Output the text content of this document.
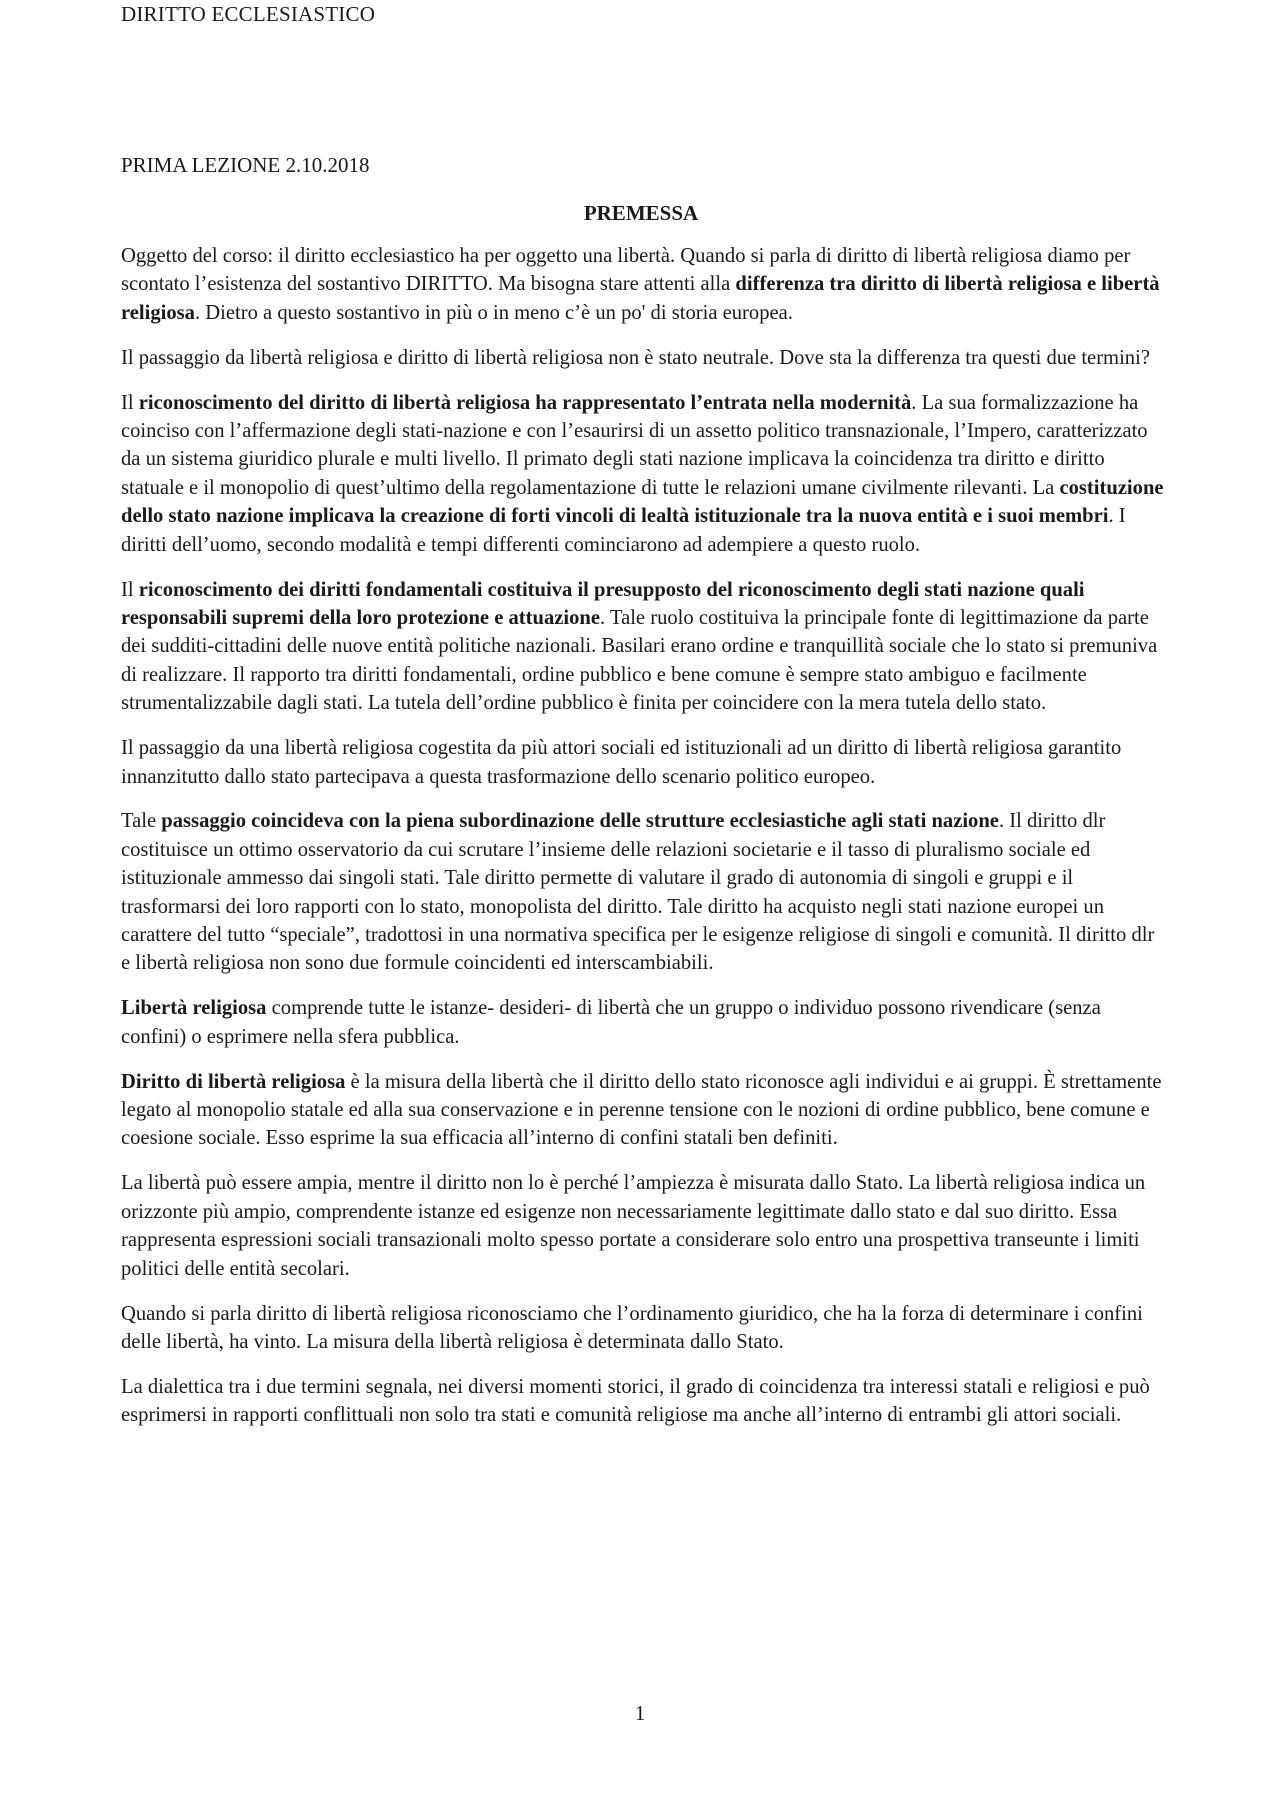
DIRITTO ECCLESIASTICO
PRIMA LEZIONE 2.10.2018
PREMESSA

Oggetto del corso: il diritto ecclesiastico ha per oggetto una libertà. Quando si parla di diritto di libertà religiosa diamo per scontato l’esistenza del sostantivo DIRITTO. Ma bisogna stare attenti alla differenza tra diritto di libertà religiosa e libertà religiosa. Dietro a questo sostantivo in più o in meno c’è un po' di storia europea.

Il passaggio da libertà religiosa e diritto di libertà religiosa non è stato neutrale. Dove sta la differenza tra questi due termini?

Il riconoscimento del diritto di libertà religiosa ha rappresentato l’entrata nella modernità. La sua formalizzazione ha coinciso con l’affermazione degli stati-nazione e con l’esaurirsi di un assetto politico transnazionale, l’Impero, caratterizzato da un sistema giuridico plurale e multi livello. Il primato degli stati nazione implicava la coincidenza tra diritto e diritto statuale e il monopolio di quest’ultimo della regolamentazione di tutte le relazioni umane civilmente rilevanti. La costituzione dello stato nazione implicava la creazione di forti vincoli di lealtà istituzionale tra la nuova entità e i suoi membri. I diritti dell’uomo, secondo modalità e tempi differenti cominciarono ad adempiere a questo ruolo.

Il riconoscimento dei diritti fondamentali costituiva il presupposto del riconoscimento degli stati nazione quali responsabili supremi della loro protezione e attuazione. Tale ruolo costituiva la principale fonte di legittimazione da parte dei sudditi-cittadini delle nuove entità politiche nazionali. Basilari erano ordine e tranquillità sociale che lo stato si premuniva di realizzare. Il rapporto tra diritti fondamentali, ordine pubblico e bene comune è sempre stato ambiguo e facilmente strumentalizzabile dagli stati. La tutela dell’ordine pubblico è finita per coincidere con la mera tutela dello stato.

Il passaggio da una libertà religiosa cogestita da più attori sociali ed istituzionali ad un diritto di libertà religiosa garantito innanzitutto dallo stato partecipava a questa trasformazione dello scenario politico europeo.

Tale passaggio coincideva con la piena subordinazione delle strutture ecclesiastiche agli stati nazione. Il diritto dlr costituisce un ottimo osservatorio da cui scrutare l’insieme delle relazioni societarie e il tasso di pluralismo sociale ed istituzionale ammesso dai singoli stati. Tale diritto permette di valutare il grado di autonomia di singoli e gruppi e il trasformarsi dei loro rapporti con lo stato, monopolista del diritto. Tale diritto ha acquisto negli stati nazione europei un carattere del tutto “speciale”, tradottosi in una normativa specifica per le esigenze religiose di singoli e comunità. Il diritto dlr e libertà religiosa non sono due formule coincidenti ed interscambiabili.

Libertà religiosa comprende tutte le istanze- desideri- di libertà che un gruppo o individuo possono rivendicare (senza confini) o esprimere nella sfera pubblica.

Diritto di libertà religiosa è la misura della libertà che il diritto dello stato riconosce agli individui e ai gruppi. È strettamente legato al monopolio statale ed alla sua conservazione e in perenne tensione con le nozioni di ordine pubblico, bene comune e coesione sociale. Esso esprime la sua efficacia all’interno di confini statali ben definiti.

La libertà può essere ampia, mentre il diritto non lo è perché l’ampiezza è misurata dallo Stato. La libertà religiosa indica un orizzonte più ampio, comprendente istanze ed esigenze non necessariamente legittimate dallo stato e dal suo diritto. Essa rappresenta espressioni sociali transazionali molto spesso portate a considerare solo entro una prospettiva transeunte i limiti politici delle entità secolari.

Quando si parla diritto di libertà religiosa riconosciamo che l’ordinamento giuridico, che ha la forza di determinare i confini delle libertà, ha vinto. La misura della libertà religiosa è determinata dallo Stato.

La dialettica tra i due termini segnala, nei diversi momenti storici, il grado di coincidenza tra interessi statali e religiosi e può esprimersi in rapporti conflittuali non solo tra stati e comunità religiose ma anche all’interno di entrambi gli attori sociali.

1
